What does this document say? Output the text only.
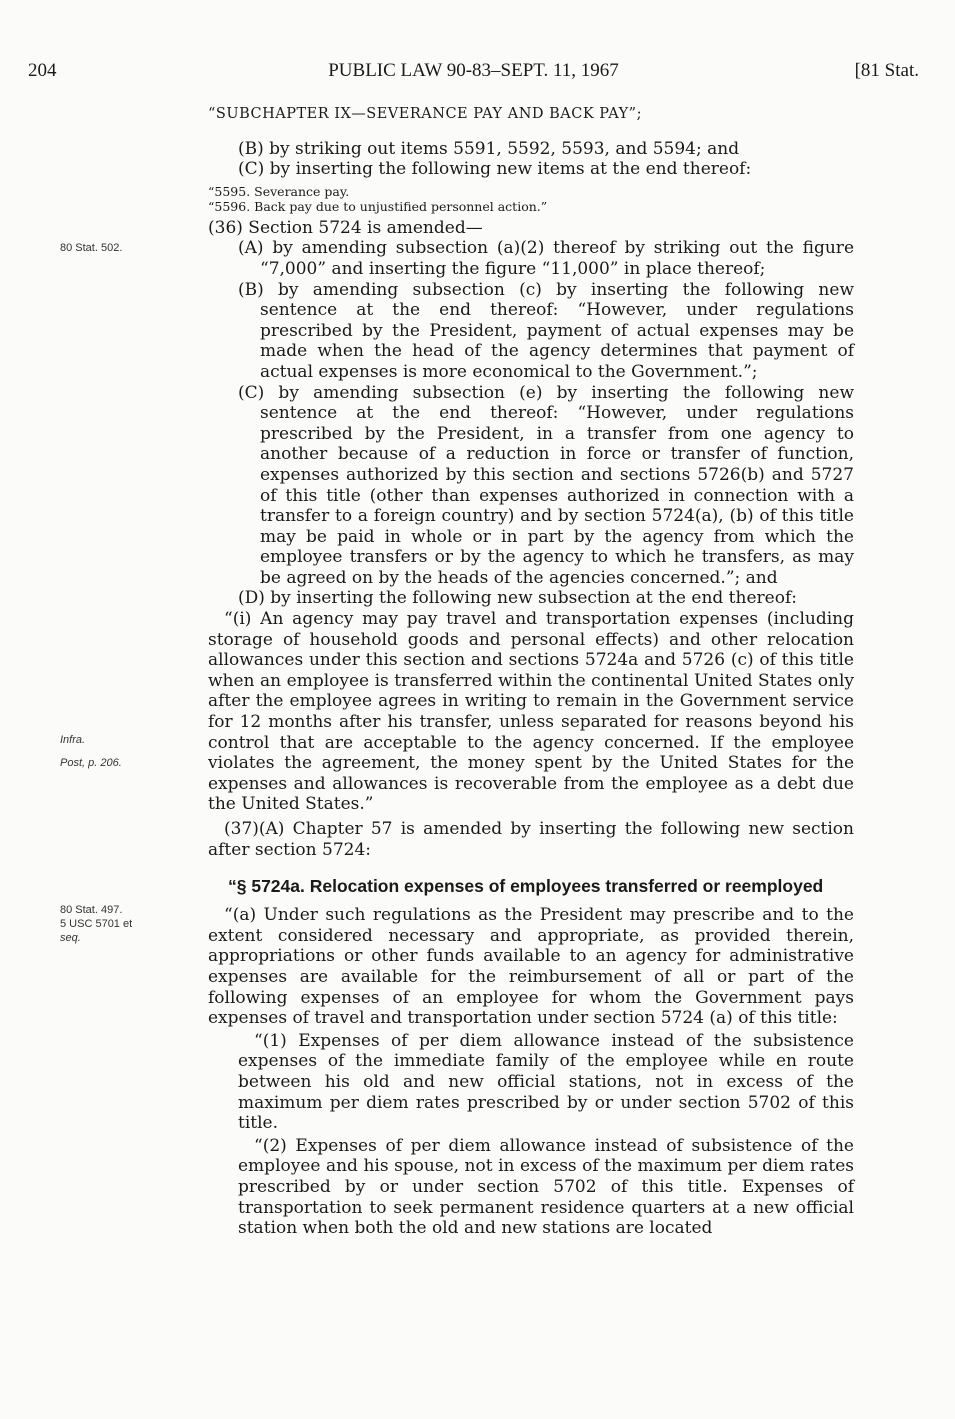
204	PUBLIC LAW 90-83–SEPT. 11, 1967	[81 Stat.
80 Stat. 502.
Infra.
Post, p. 206.
80 Stat. 497.
5 USC 5701 et
seq.

“SUBCHAPTER IX—SEVERANCE PAY AND BACK PAY”;

(B) by striking out items 5591, 5592, 5593, and 5594; and

(C) by inserting the following new items at the end thereof:

“5595. Severance pay.

“5596. Back pay due to unjustified personnel action.”

(36) Section 5724 is amended—

(A) by amending subsection (a)(2) thereof by striking out the figure “7,000” and inserting the figure “11,000” in place thereof;

(B) by amending subsection (c) by inserting the following new sentence at the end thereof: “However, under regulations prescribed by the President, payment of actual expenses may be made when the head of the agency determines that payment of actual expenses is more economical to the Government.”;

(C) by amending subsection (e) by inserting the following new sentence at the end thereof: “However, under regulations prescribed by the President, in a transfer from one agency to another because of a reduction in force or transfer of function, expenses authorized by this section and sections 5726(b) and 5727 of this title (other than expenses authorized in connection with a transfer to a foreign country) and by section 5724(a), (b) of this title may be paid in whole or in part by the agency from which the employee transfers or by the agency to which he transfers, as may be agreed on by the heads of the agencies concerned.”; and

(D) by inserting the following new subsection at the end thereof:

“(i) An agency may pay travel and transportation expenses (including storage of household goods and personal effects) and other relocation allowances under this section and sections 5724a and 5726 (c) of this title when an employee is transferred within the continental United States only after the employee agrees in writing to remain in the Government service for 12 months after his transfer, unless separated for reasons beyond his control that are acceptable to the agency concerned. If the employee violates the agreement, the money spent by the United States for the expenses and allowances is recoverable from the employee as a debt due the United States.”

(37)(A) Chapter 57 is amended by inserting the following new section after section 5724:

“§ 5724a. Relocation expenses of employees transferred or reemployed

“(a) Under such regulations as the President may prescribe and to the extent considered necessary and appropriate, as provided therein, appropriations or other funds available to an agency for administrative expenses are available for the reimbursement of all or part of the following expenses of an employee for whom the Government pays expenses of travel and transportation under section 5724 (a) of this title:

“(1) Expenses of per diem allowance instead of the subsistence expenses of the immediate family of the employee while en route between his old and new official stations, not in excess of the maximum per diem rates prescribed by or under section 5702 of this title.

“(2) Expenses of per diem allowance instead of subsistence of the employee and his spouse, not in excess of the maximum per diem rates prescribed by or under section 5702 of this title. Expenses of transportation to seek permanent residence quarters at a new official station when both the old and new stations are located
